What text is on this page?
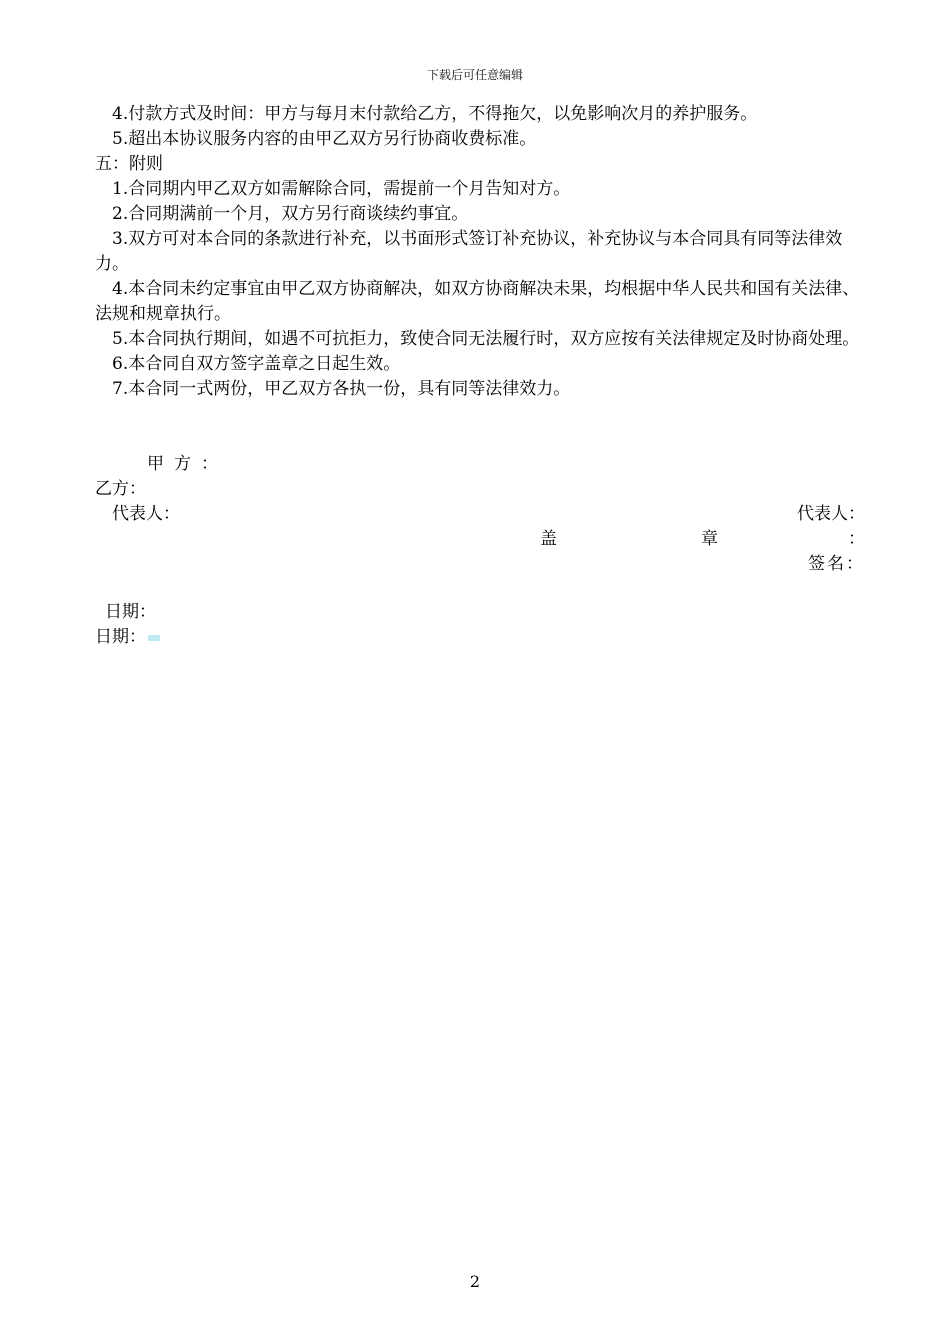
下载后可任意编辑

4.付款方式及时间：甲方与每月末付款给乙方，不得拖欠，以免影响次月的养护服务。

5.超出本协议服务内容的由甲乙双方另行协商收费标准。

五：附则

1.合同期内甲乙双方如需解除合同，需提前一个月告知对方。

2.合同期满前一个月，双方另行商谈续约事宜。

3.双方可对本合同的条款进行补充，以书面形式签订补充协议，补充协议与本合同具有同等法律效力。

4.本合同未约定事宜由甲乙双方协商解决，如双方协商解决未果，均根据中华人民共和国有关法律、法规和规章执行。

5.本合同执行期间，如遇不可抗拒力，致使合同无法履行时，双方应按有关法律规定及时协商处理。

6.本合同自双方签字盖章之日起生效。

7.本合同一式两份，甲乙双方各执一份，具有同等法律效力。

甲方：

乙方：

代表人：	代表人：
盖	章	：
签名：

日期：

日期：

2
